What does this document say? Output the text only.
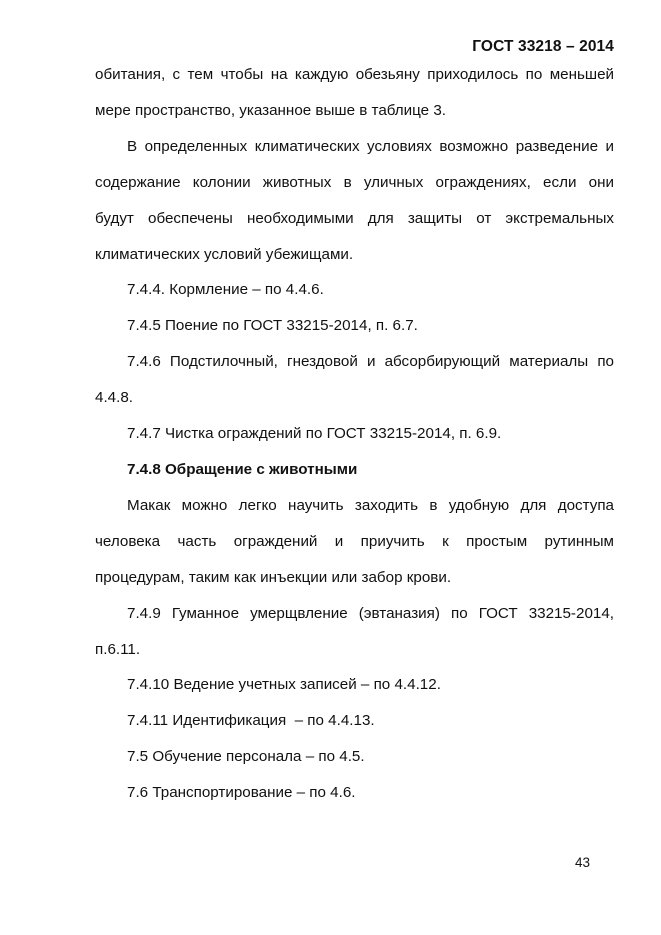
ГОСТ 33218 – 2014

обитания, с тем чтобы на каждую обезьяну приходилось по меньшей

мере пространство, указанное выше в таблице 3.

В определенных климатических условиях возможно разведение и

содержание колонии животных в уличных ограждениях, если они

будут обеспечены необходимыми для защиты от экстремальных

климатических условий убежищами.

7.4.4. Кормление – по 4.4.6.

7.4.5 Поение по ГОСТ 33215-2014, п. 6.7.

7.4.6 Подстилочный, гнездовой и абсорбирующий материалы по

4.4.8.

7.4.7 Чистка ограждений по ГОСТ 33215-2014, п. 6.9.

7.4.8 Обращение с животными

Макак можно легко научить заходить в удобную для доступа

человека часть ограждений и приучить к простым рутинным

процедурам, таким как инъекции или забор крови.

7.4.9 Гуманное умерщвление (эвтаназия) по ГОСТ 33215-2014,

п.6.11.

7.4.10 Ведение учетных записей – по 4.4.12.

7.4.11 Идентификация  – по 4.4.13.

7.5 Обучение персонала – по 4.5.

7.6 Транспортирование – по 4.6.

43
